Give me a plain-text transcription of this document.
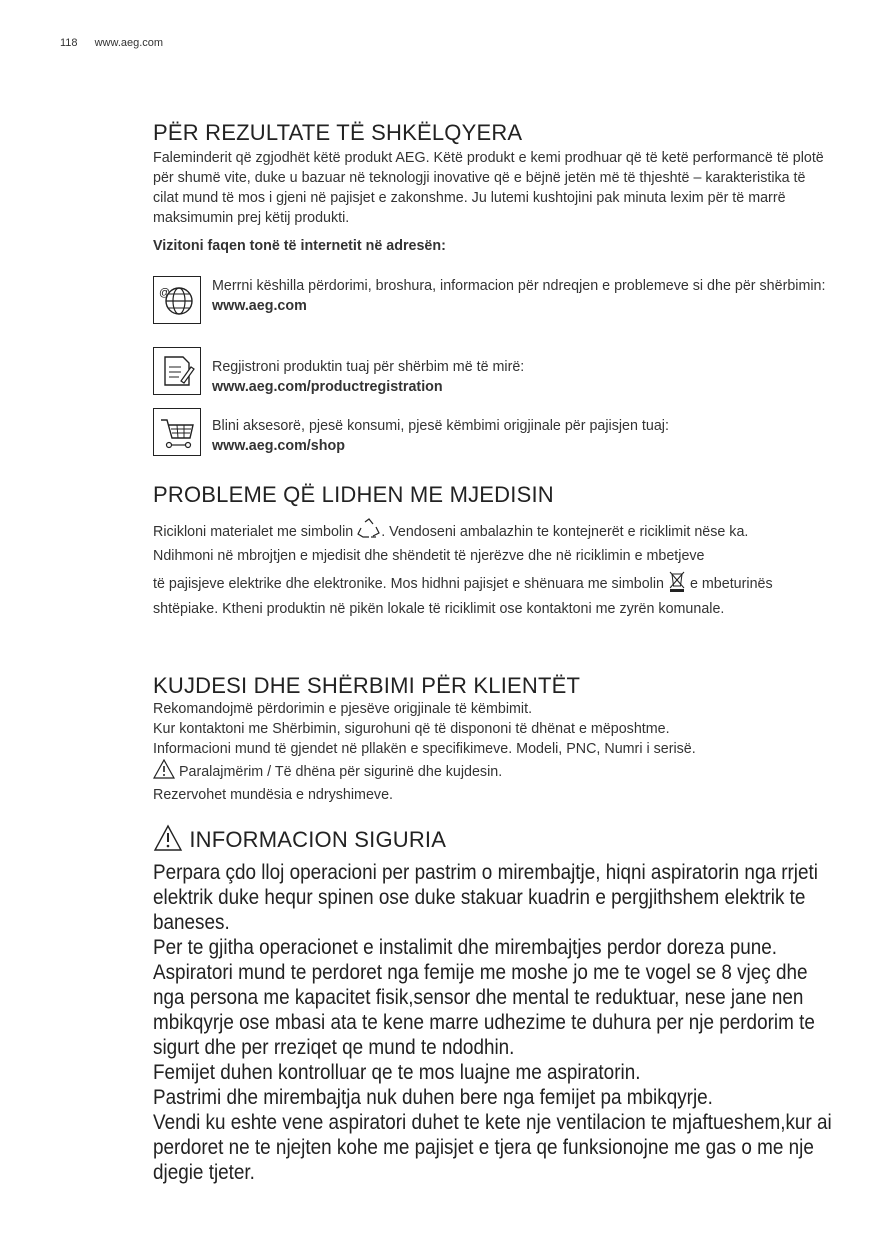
118 www.aeg.com
PËR REZULTATE TË SHKËLQYERA

Faleminderit që zgjodhët këtë produkt AEG. Këtë produkt e kemi prodhuar që të ketë performancë të plotë për shumë vite, duke u bazuar në teknologji inovative që e bëjnë jetën më të thjeshtë – karakteristika të cilat mund të mos i gjeni në pajisjet e zakonshme. Ju lutemi kushtojini pak minuta lexim për të marrë maksimumin prej këtij produkti.

Vizitoni faqen tonë të internetit në adresën:

@	Merrni këshilla përdorimi, broshura, informacion për ndreqjen e problemeve si dhe për shërbimin:

www.aeg.com

Regjistroni produktin tuaj për shërbim më të mirë:

www.aeg.com/productregistration

Blini aksesorë, pjesë konsumi, pjesë këmbimi origjinale për pajisjen tuaj:

www.aeg.com/shop

PROBLEME QË LIDHEN ME MJEDISIN

Riciklоni materialet me simbolin . Vendoseni ambalazhin te kontejnerët e riciklimit nëse ka.

Ndihmoni në mbrojtjen e mjedisit dhe shëndetit të njerëzve dhe në riciklimin e mbetjeve
të pajisjeve elektrike dhe elektronike. Mos hidhni pajisjet e shënuara me simbolin e mbeturinës shtëpiake. Ktheni produktin në pikën lokale të riciklimit ose kontaktoni me zyrën komunale.

KUJDESI DHE SHËRBIMI PËR KLIENTËT

Rekomandojmë përdorimin e pjesëve origjinale të këmbimit.

Kur kontaktoni me Shërbimin, sigurohuni që të dispononi të dhënat e mëposhtme.

Informacioni mund të gjendet në pllakën e specifikimeve. Modeli, PNC, Numri i serisë.

Paralajmërim / Të dhëna për sigurinë dhe kujdesin.

Rezervohet mundësia e ndryshimeve.

INFORMACION SIGURIA

Perpara çdo lloj operacioni per pastrim o mirembajtje, hiqni aspiratorin nga rrjeti elektrik duke hequr spinen ose duke stakuar kuadrin e pergjithshem elektrik te baneses.

Per te gjitha operacionet e instalimit dhe mirembajtjes perdor doreza pune.

Aspiratori mund te perdoret nga femije me moshe jo me te vogel se 8 vjeç dhe nga persona me kapacitet fisik,sensor dhe mental te reduktuar, nese jane nen mbikqyrje ose mbasi ata te kene marre udhezime te duhura per nje perdorim te sigurt dhe per rreziqet qe mund te ndodhin.

Femijet duhen kontrolluar qe te mos luajne me aspiratorin.

Pastrimi dhe mirembajtja nuk duhen bere nga femijet pa mbikqyrje.

Vendi ku eshte vene aspiratori duhet te kete nje ventilacion te mjaftueshem,kur ai perdoret ne te njejten kohe me pajisjet e tjera qe funksionojne me gas o me nje djegie tjeter.
